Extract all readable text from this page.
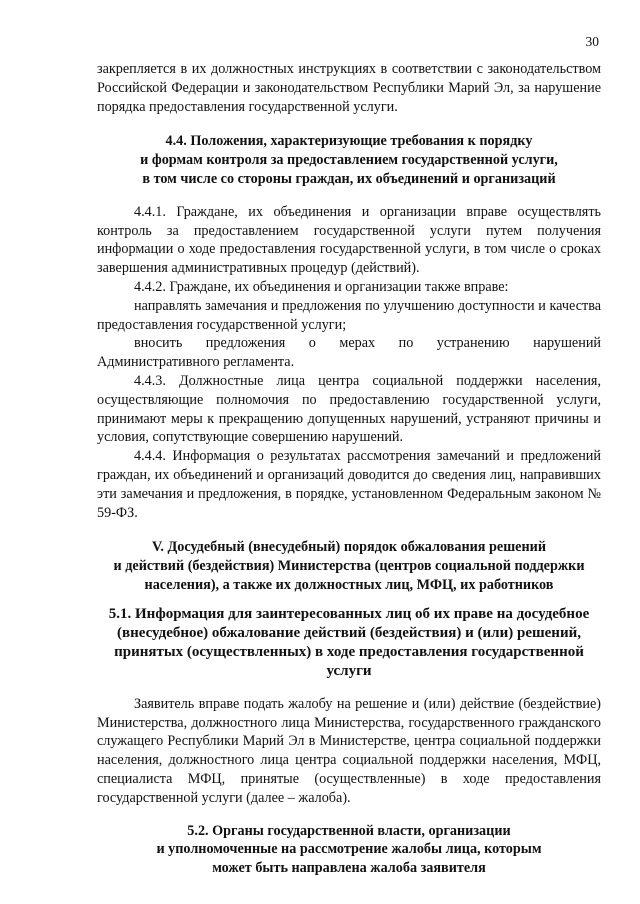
30

закрепляется в их должностных инструкциях в соответствии с законодательством Российской Федерации и законодательством Республики Марий Эл, за нарушение порядка предоставления государственной услуги.

4.4. Положения, характеризующие требования к порядку

и формам контроля за предоставлением государственной услуги,

в том числе со стороны граждан, их объединений и организаций

4.4.1. Граждане, их объединения и организации вправе осуществлять контроль за предоставлением государственной услуги путем получения информации о ходе предоставления государственной услуги, в том числе о сроках завершения административных процедур (действий).

4.4.2. Граждане, их объединения и организации также вправе:

направлять замечания и предложения по улучшению доступности и качества предоставления государственной услуги;

вносить предложения о мерах по устранению нарушений Административного регламента.

4.4.3. Должностные лица центра социальной поддержки населения, осуществляющие полномочия по предоставлению государственной услуги, принимают меры к прекращению допущенных нарушений, устраняют причины и условия, сопутствующие совершению нарушений.

4.4.4. Информация о результатах рассмотрения замечаний и предложений граждан, их объединений и организаций доводится до сведения лиц, направивших эти замечания и предложения, в порядке, установленном Федеральным законом № 59-ФЗ.

V. Досудебный (внесудебный) порядок обжалования решений

и действий (бездействия) Министерства (центров социальной поддержки

населения), а также их должностных лиц, МФЦ, их работников

5.1. Информация для заинтересованных лиц об их праве на досудебное

(внесудебное) обжалование действий (бездействия) и (или) решений,

принятых (осуществленных) в ходе предоставления государственной

услуги

Заявитель вправе подать жалобу на решение и (или) действие (бездействие) Министерства, должностного лица Министерства, государственного гражданского служащего Республики Марий Эл в Министерстве, центра социальной поддержки населения, должностного лица центра социальной поддержки населения, МФЦ, специалиста МФЦ, принятые (осуществленные) в ходе предоставления государственной услуги (далее – жалоба).

5.2. Органы государственной власти, организации

и уполномоченные на рассмотрение жалобы лица, которым

может быть направлена жалоба заявителя
